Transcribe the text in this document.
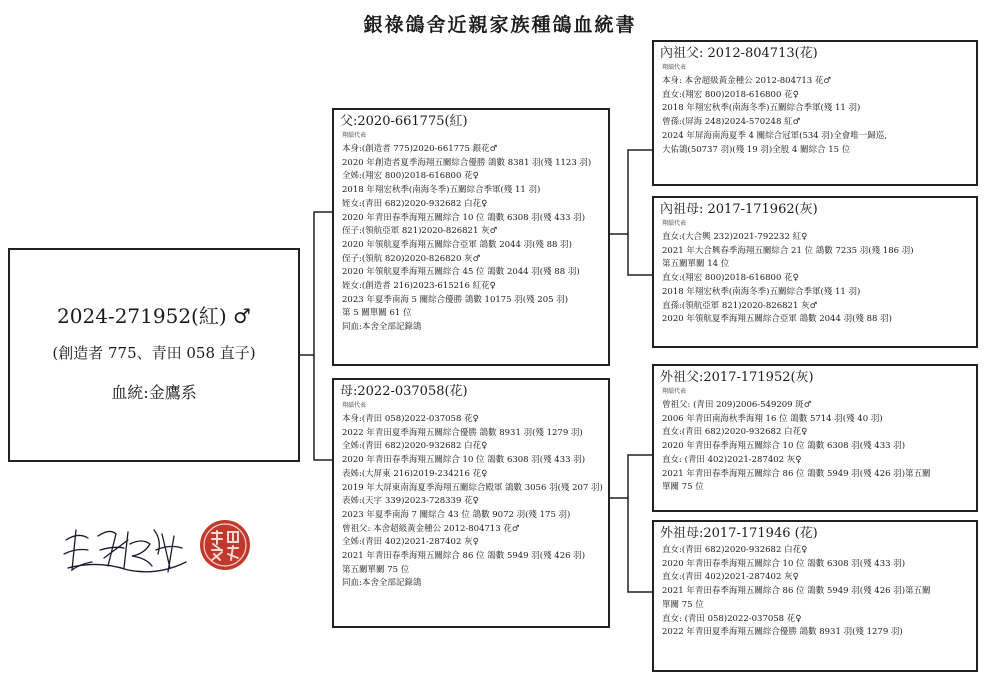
銀祿鴿舍近親家族種鴿血統書
2024-271952(紅) ♂
(創造者 775、青田 058 直子)
血統:金鷹系
父:2020-661775(紅)
翔績代表
本身:(創造者 775)2020-661775 銀花♂
2020 年創造者夏季海翔五關綜合優勝 鴿數 8381 羽(殘 1123 羽)
全姊:(翔宏 800)2018-616800 花♀
2018 年翔宏秋季(南海冬季)五關綜合季軍(殘 11 羽)
姪女:(青田 682)2020-932682 白花♀
2020 年青田春季海翔五關綜合 10 位 鴿數 6308 羽(殘 433 羽)
侄子:(領航亞軍 821)2020-826821 灰♂
2020 年領航夏季海翔五關綜合亞軍 鴿數 2044 羽(殘 88 羽)
侄子:(領航 820)2020-826820 灰♂
2020 年領航夏季海翔五關綜合 45 位 鴿數 2044 羽(殘 88 羽)
姪女:(創造者 216)2023-615216 紅花♀
2023 年夏季南海 5 關綜合優勝 鴿數 10175 羽(殘 205 羽)
第 5 關單關 61 位
同血:本舍全部記錄鴿
母:2022-037058(花)
翔績代表
本身:(青田 058)2022-037058 花♀
2022 年青田夏季海翔五關綜合優勝 鴿數 8931 羽(殘 1279 羽)
全姊:(青田 682)2020-932682 白花♀
2020 年青田春季海翔五關綜合 10 位 鴿數 6308 羽(殘 433 羽)
表姊:(大屏東 216)2019-234216 花♀
2019 年大屏東南海夏季海翔五關綜合殿軍 鴿數 3056 羽(殘 207 羽)
表姊:(天宇 339)2023-728339 花♀
2023 年夏季南海 7 關綜合 43 位 鴿數 9072 羽(殘 175 羽)
曾祖父: 本舍超級黃金種公 2012-804713 花♂
全姊:(青田 402)2021-287402 灰♀
2021 年青田春季海翔五關綜合 86 位 鴿數 5949 羽(殘 426 羽)
第五關單關 75 位
同血:本舍全部記錄鴿
內祖父: 2012-804713(花)
翔績代表
本身: 本舍超級黃金種公 2012-804713 花♂
直女:(翔宏 800)2018-616800 花♀
2018 年翔宏秋季(南海冬季)五關綜合季軍(殘 11 羽)
曾孫:(屏海 248)2024-570248 紅♂
2024 年屏海南海夏季 4 關綜合冠軍(534 羽)全會唯一歸巡,
大佑鴿(50737 羽)(殘 19 羽)全般 4 關綜合 15 位
內祖母: 2017-171962(灰)
翔績代表
直女:(大合興 232)2021-792232 紅♀
2021 年大合興春季海翔五關綜合 21 位 鴿數 7235 羽(殘 186 羽)
第五關單關 14 位
直女:(翔宏 800)2018-616800 花♀
2018 年翔宏秋季(南海冬季)五關綜合季軍(殘 11 羽)
直孫:(領航亞軍 821)2020-826821 灰♂
2020 年領航夏季海翔五關綜合亞軍 鴿數 2044 羽(殘 88 羽)
外祖父:2017-171952(灰)
翔績代表
曾祖父: (青田 209)2006-549209 斑♂
2006 年青田南海秋季海翔 16 位 鴿數 5714 羽(殘 40 羽)
直女:(青田 682)2020-932682 白花♀
2020 年青田春季海翔五關綜合 10 位 鴿數 6308 羽(殘 433 羽)
直女: (青田 402)2021-287402 灰♀
2021 年青田春季海翔五關綜合 86 位 鴿數 5949 羽(殘 426 羽)第五關
單關 75 位
外祖母:2017-171946 (花)
直女:(青田 682)2020-932682 白花♀
2020 年青田春季海翔五關綜合 10 位 鴿數 6308 羽(殘 433 羽)
直女:(青田 402)2021-287402 灰♀
2021 年青田春季海翔五關綜合 86 位 鴿數 5949 羽(殘 426 羽)第五關
單關 75 位
直女: (青田 058)2022-037058 花♀
2022 年青田夏季海翔五關綜合優勝 鴿數 8931 羽(殘 1279 羽)
